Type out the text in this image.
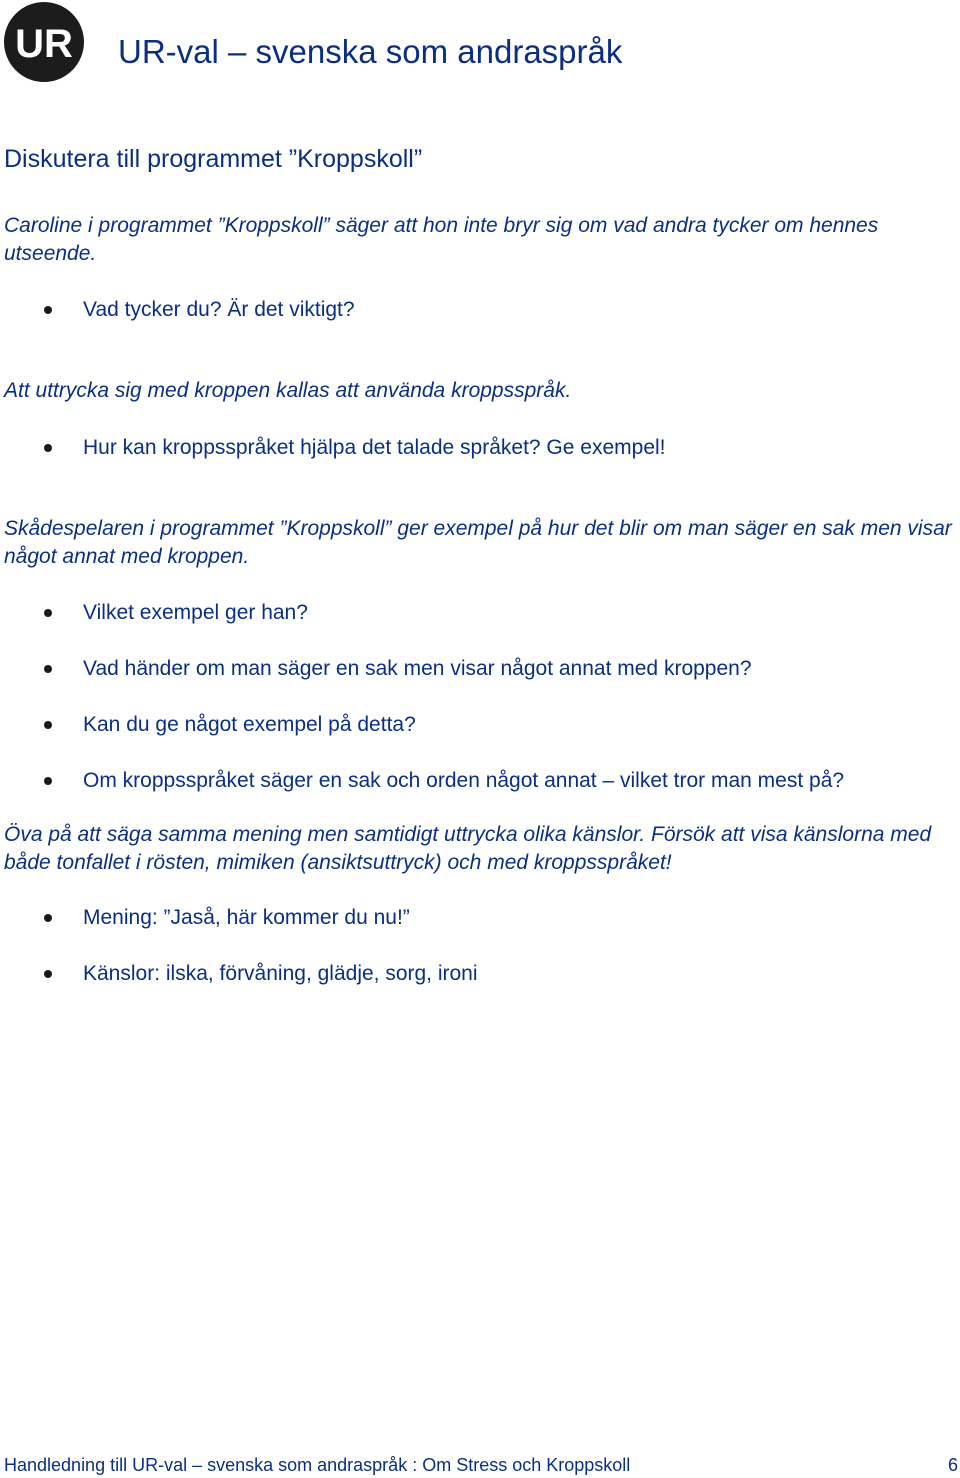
UR UR-val – svenska som andraspråk
Diskutera till programmet ”Kroppskoll”
Caroline i programmet ”Kroppskoll” säger att hon inte bryr sig om vad andra tycker om hennes utseende.
Vad tycker du? Är det viktigt?
Att uttrycka sig med kroppen kallas att använda kroppsspråk.
Hur kan kroppsspråket hjälpa det talade språket? Ge exempel!
Skådespelaren i programmet ”Kroppskoll” ger exempel på hur det blir om man säger en sak men visar något annat med kroppen.
Vilket exempel ger han?
Vad händer om man säger en sak men visar något annat med kroppen?
Kan du ge något exempel på detta?
Om kroppsspråket säger en sak och orden något annat – vilket tror man mest på?
Öva på att säga samma mening men samtidigt uttrycka olika känslor. Försök att visa känslorna med både tonfallet i rösten, mimiken (ansiktsuttryck) och med kroppsspråket!
Mening: ”Jaså, här kommer du nu!”
Känslor: ilska, förvåning, glädje, sorg, ironi
Handledning till UR-val – svenska som andraspråk : Om Stress och Kroppskoll	6
